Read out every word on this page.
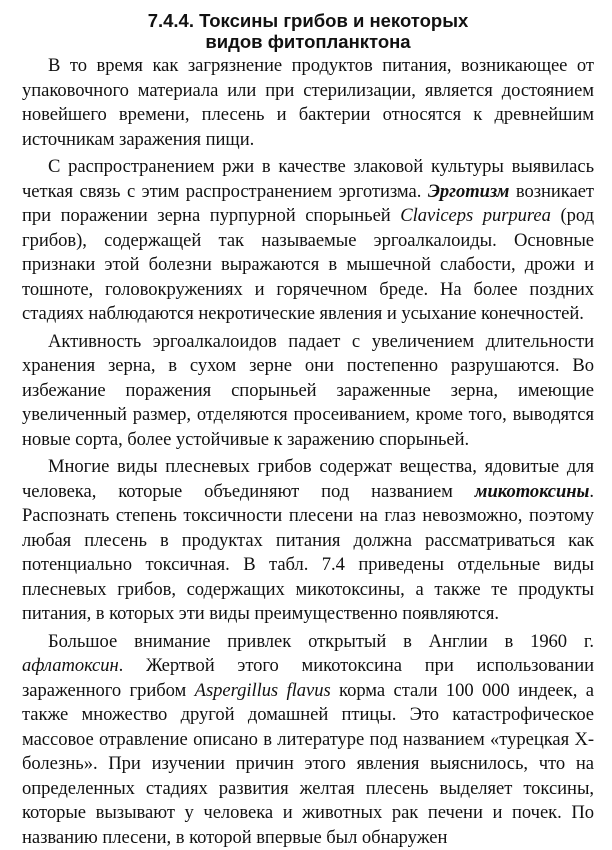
7.4.4. Токсины грибов и некоторых
видов фитопланктона

В то время как загрязнение продуктов питания, возникающее от упаковочного материала или при стерилизации, является достоянием новейшего времени, плесень и бактерии относятся к древнейшим источникам заражения пищи.

С распространением ржи в качестве злаковой культуры выявилась четкая связь с этим распространением эрготизма. Эрготизм возникает при поражении зерна пурпурной спорыньей Claviceps purpurea (род грибов), содержащей так называемые эргоалкалоиды. Основные признаки этой болезни выражаются в мышечной слабости, дрожи и тошноте, головокружениях и горячечном бреде. На более поздних стадиях наблюдаются некротические явления и усыхание конечностей.

Активность эргоалкалоидов падает с увеличением длительности хранения зерна, в сухом зерне они постепенно разрушаются. Во избежание поражения спорыньей зараженные зерна, имеющие увеличенный размер, отделяются просеиванием, кроме того, выводятся новые сорта, более устойчивые к заражению спорыньей.

Многие виды плесневых грибов содержат вещества, ядовитые для человека, которые объединяют под названием микотоксины. Распознать степень токсичности плесени на глаз невозможно, поэтому любая плесень в продуктах питания должна рассматриваться как потенциально токсичная. В табл. 7.4 приведены отдельные виды плесневых грибов, содержащих микотоксины, а также те продукты питания, в которых эти виды преимущественно появляются.

Большое внимание привлек открытый в Англии в 1960 г. афлатоксин. Жертвой этого микотоксина при использовании зараженного грибом Aspergillus flavus корма стали 100 000 индеек, а также множество другой домашней птицы. Это катастрофическое массовое отравление описано в литературе под названием «турецкая Х-болезнь». При изучении причин этого явления выяснилось, что на определенных стадиях развития желтая плесень выделяет токсины, которые вызывают у человека и животных рак печени и почек. По названию плесени, в которой впервые был обнаружен
